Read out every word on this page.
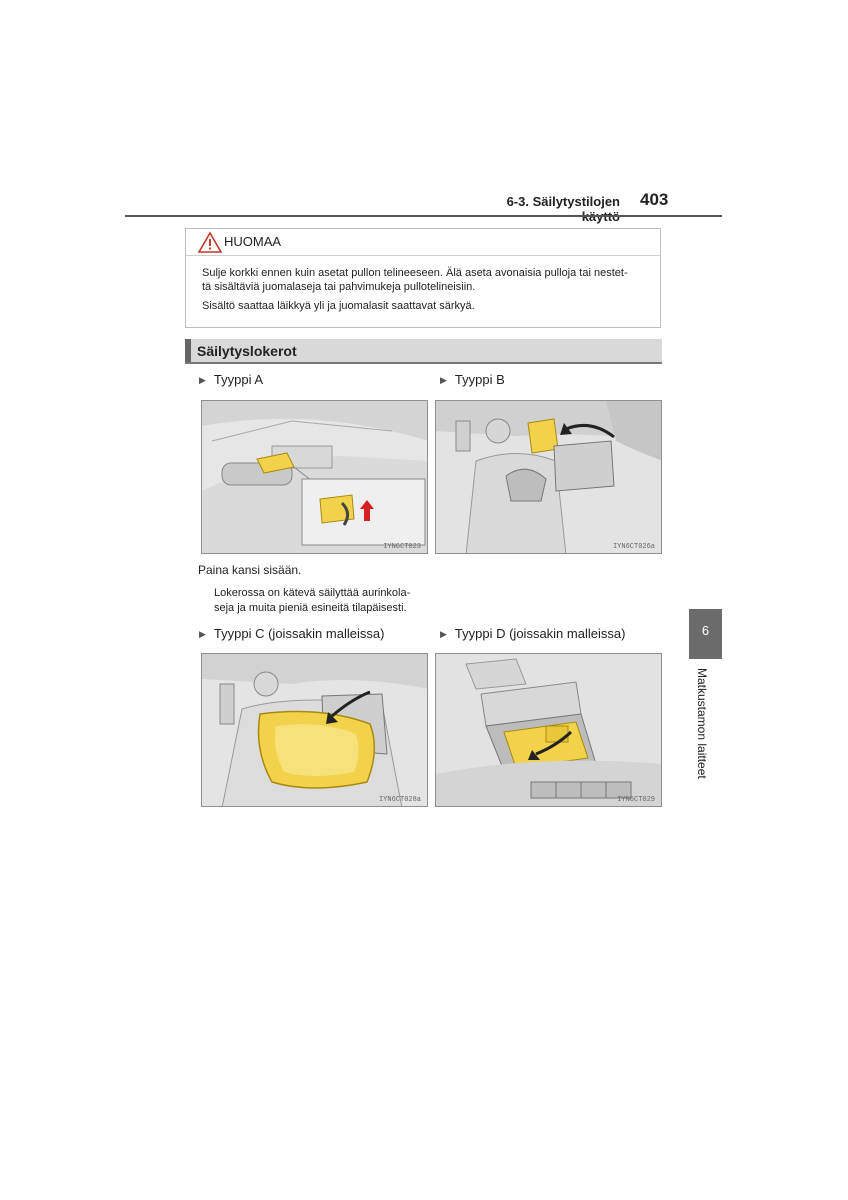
6-3. Säilytystilojen 403
HUOMAA
Sulje korkki ennen kuin asetat pullon telineeseen. Älä aseta avonaisia pulloja tai nestet-
tä sisältäviä juomalaseja tai pahvimukeja pullotelineisiin.
Sisältö saattaa läikkyä yli ja juomalasit saattavat särkyä.
Säilytyslokerot
▶ Tyyppi A	▶ Tyyppi B
IYN6CT023	IYN6CT026a
Paina kansi sisään.
Lokerossa on kätevä säilyttää aurinkola-
seja ja muita pieniä esineitä tilapäisesti.
▶ Tyyppi C (joissakin malleissa)	▶ Tyyppi D (joissakin malleissa)
IYN6CT028a	IYN6CT029
6
Matkustamon laitteet
